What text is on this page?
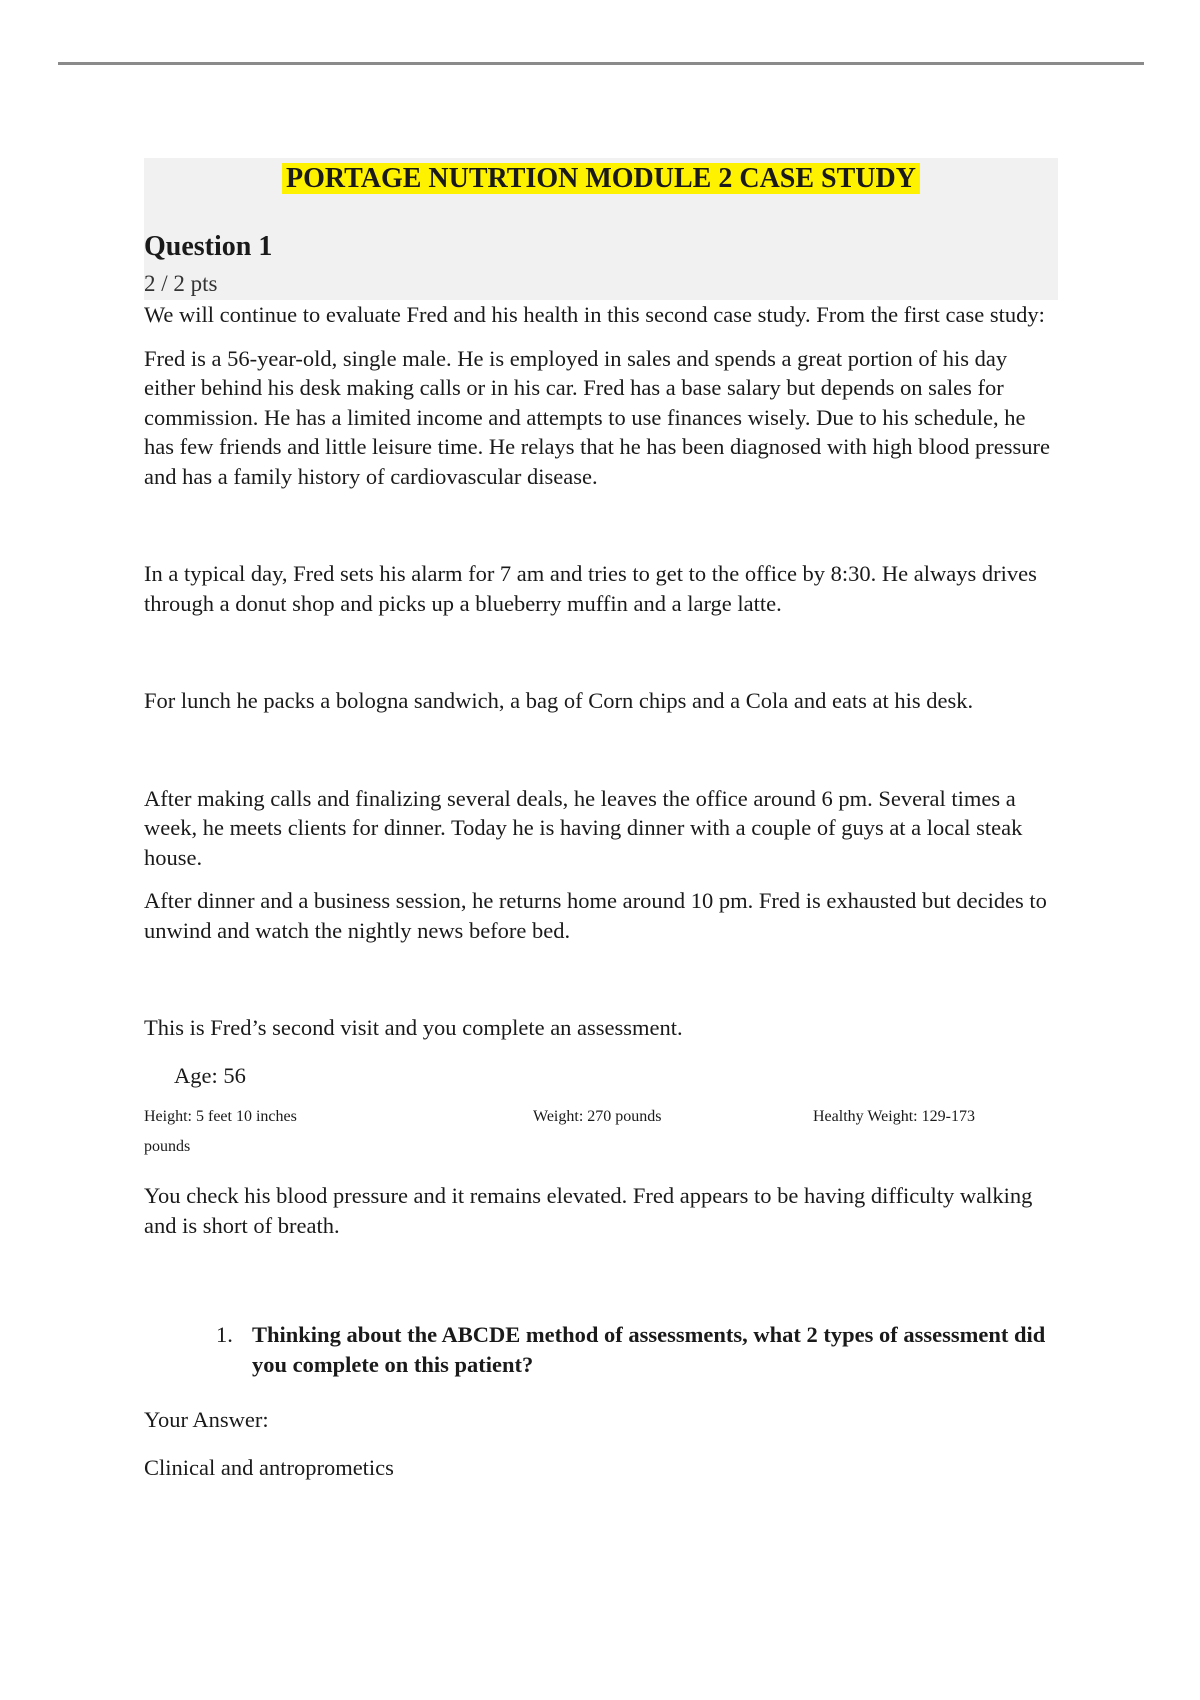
PORTAGE NUTRTION MODULE 2 CASE STUDY
Question 1
2 / 2 pts

We will continue to evaluate Fred and his health in this second case study. From the first case study:

Fred is a 56-year-old, single male. He is employed in sales and spends a great portion of his day either behind his desk making calls or in his car. Fred has a base salary but depends on sales for commission. He has a limited income and attempts to use finances wisely. Due to his schedule, he has few friends and little leisure time. He relays that he has been diagnosed with high blood pressure and has a family history of cardiovascular disease.

In a typical day, Fred sets his alarm for 7 am and tries to get to the office by 8:30. He always drives through a donut shop and picks up a blueberry muffin and a large latte.

For lunch he packs a bologna sandwich, a bag of Corn chips and a Cola and eats at his desk.

After making calls and finalizing several deals, he leaves the office around 6 pm. Several times a week, he meets clients for dinner. Today he is having dinner with a couple of guys at a local steak house.

After dinner and a business session, he returns home around 10 pm. Fred is exhausted but decides to unwind and watch the nightly news before bed.

This is Fred’s second visit and you complete an assessment.

Age: 56

Height: 5 feet 10 inches	Weight: 270 pounds	Healthy Weight: 129-173
pounds

You check his blood pressure and it remains elevated. Fred appears to be having difficulty walking and is short of breath.

1. Thinking about the ABCDE method of assessments, what 2 types of assessment did you complete on this patient?

Your Answer:

Clinical and antroprometics
